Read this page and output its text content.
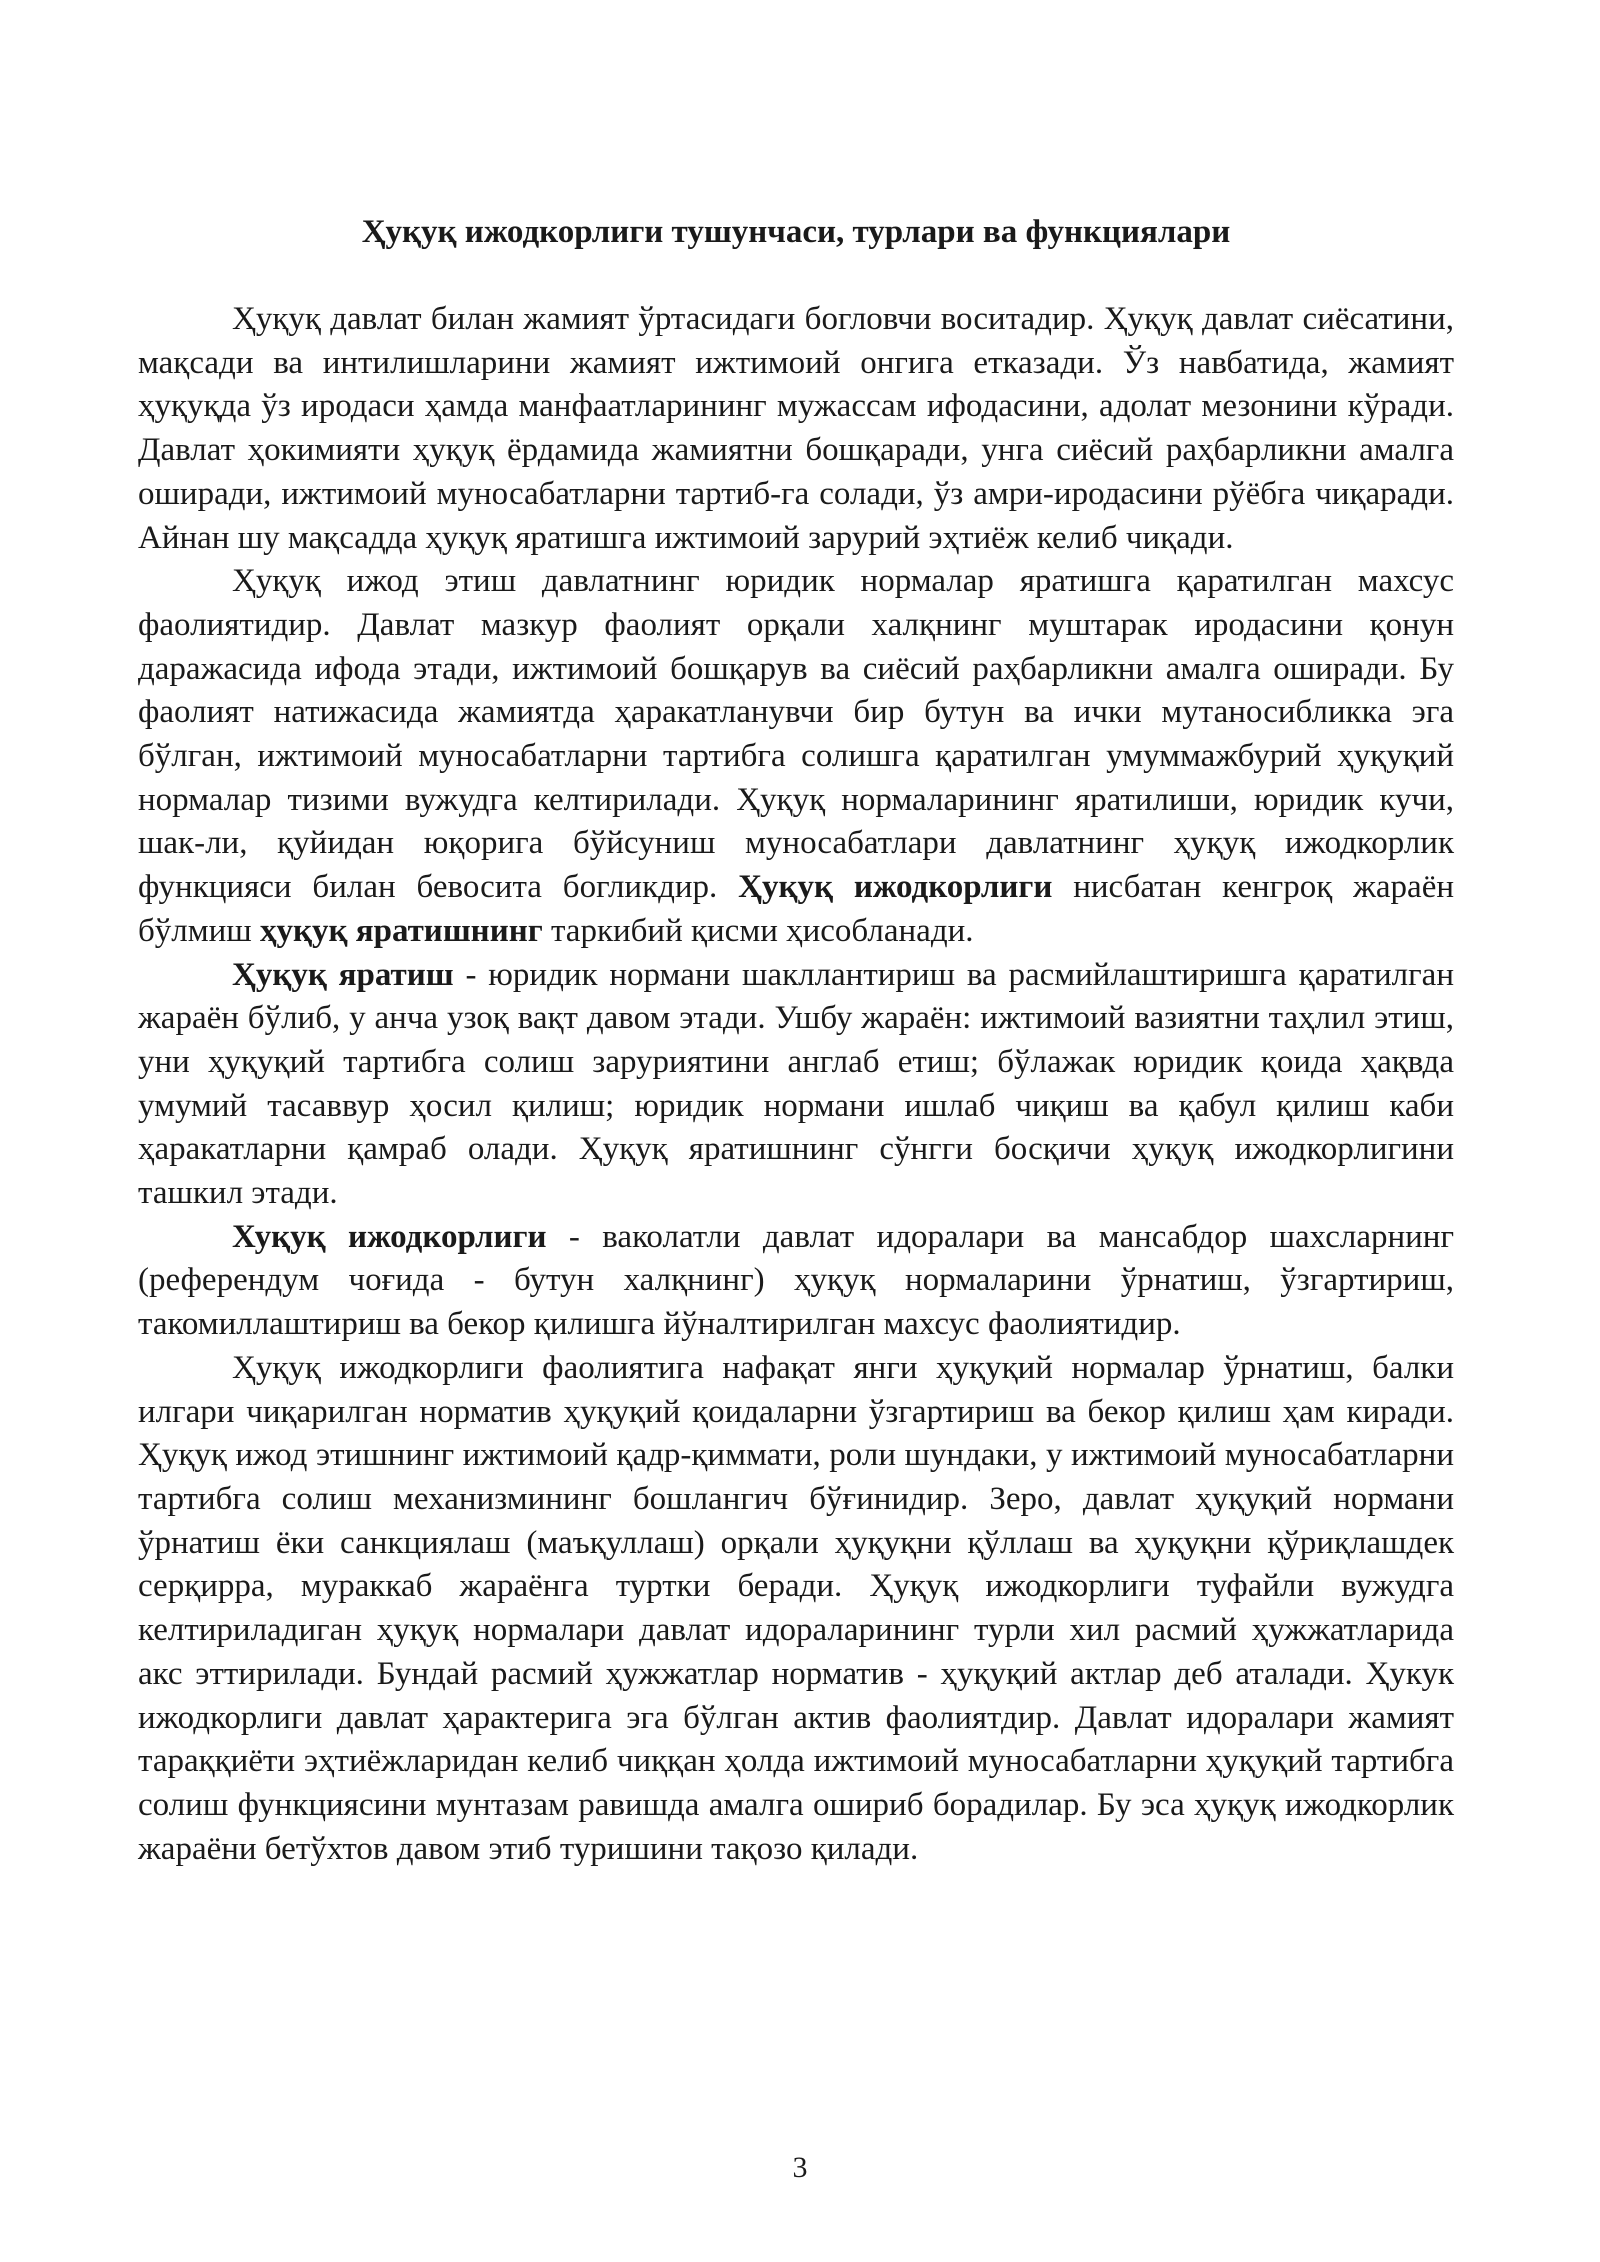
Ҳуқуқ ижодкорлиги тушунчаси, турлари ва функциялари

Ҳуқуқ давлат билан жамият ўртасидаги богловчи воситадир. Ҳуқуқ давлат сиёсатини, мақсади ва интилишларини жамият ижтимоий онгига етказади. Ўз навбатида, жамият ҳуқуқда ўз иродаси ҳамда манфаатларининг мужассам ифодасини, адолат мезонини кўради. Давлат ҳокимияти ҳуқуқ ёрдамида жамиятни бошқаради, унга сиёсий раҳбарликни амалга оширади, ижтимоий муносабатларни тартиб-га солади, ўз амри-иродасини рўёбга чиқаради. Айнан шу мақсадда ҳуқуқ яратишга ижтимоий зарурий эҳтиёж келиб чиқади.

Ҳуқуқ ижод этиш давлатнинг юридик нормалар яратишга қаратилган махсус фаолиятидир. Давлат мазкур фаолият орқали халқнинг муштарак иродасини қонун даражасида ифода этади, ижтимоий бошқарув ва сиёсий раҳбарликни амалга оширади. Бу фаолият натижасида жамиятда ҳаракатланувчи бир бутун ва ички мутаносибликка эга бўлган, ижтимоий муносабатларни тартибга солишга қаратилган умуммажбурий ҳуқуқий нормалар тизими вужудга келтирилади. Ҳуқуқ нормаларининг яратилиши, юридик кучи, шак-ли, қуйидан юқорига бўйсуниш муносабатлари давлатнинг ҳуқуқ ижодкорлик функцияси билан бевосита богликдир. Ҳуқуқ ижодкорлиги нисбатан кенгроқ жараён бўлмиш ҳуқуқ яратишнинг таркибий қисми ҳисобланади.

Ҳуқуқ яратиш - юридик нормани шакллантириш ва расмийлаштиришга қаратилган жараён бўлиб, у анча узоқ вақт давом этади. Ушбу жараён: ижтимоий вазиятни таҳлил этиш, уни ҳуқуқий тартибга солиш заруриятини англаб етиш; бўлажак юридик қоида ҳақвда умумий тасаввур ҳосил қилиш; юридик нормани ишлаб чиқиш ва қабул қилиш каби ҳаракатларни қамраб олади. Ҳуқуқ яратишнинг сўнгги босқичи ҳуқуқ ижодкорлигини ташкил этади.

Хуқуқ ижодкорлиги - ваколатли давлат идоралари ва мансабдор шахсларнинг (референдум чоғида - бутун халқнинг) ҳуқуқ нормаларини ўрнатиш, ўзгартириш, такомиллаштириш ва бекор қилишга йўналтирилган махсус фаолиятидир.

Ҳуқуқ ижодкорлиги фаолиятига нафақат янги ҳуқуқий нормалар ўрнатиш, балки илгари чиқарилган норматив ҳуқуқий қоидаларни ўзгартириш ва бекор қилиш ҳам киради. Ҳуқуқ ижод этишнинг ижтимоий қадр-қиммати, роли шундаки, у ижтимоий муносабатларни тартибга солиш механизмининг бошлангич бўғинидир. Зеро, давлат ҳуқуқий нормани ўрнатиш ёки санкциялаш (маъқуллаш) орқали ҳуқуқни қўллаш ва ҳуқуқни қўриқлашдек серқирра, мураккаб жараёнга туртки беради. Ҳуқуқ ижодкорлиги туфайли вужудга келтириладиган ҳуқуқ нормалари давлат идораларининг турли хил расмий ҳужжатларида акс эттирилади. Бундай расмий ҳужжатлар норматив - ҳуқуқий актлар деб аталади. Ҳукук ижодкорлиги давлат ҳарактерига эга бўлган актив фаолиятдир. Давлат идоралари жамият тараққиёти эҳтиёжларидан келиб чиққан ҳолда ижтимоий муносабатларни ҳуқуқий тартибга солиш функциясини мунтазам равишда амалга ошириб борадилар. Бу эса ҳуқуқ ижодкорлик жараёни бетўхтов давом этиб туришини тақозо қилади.

3
